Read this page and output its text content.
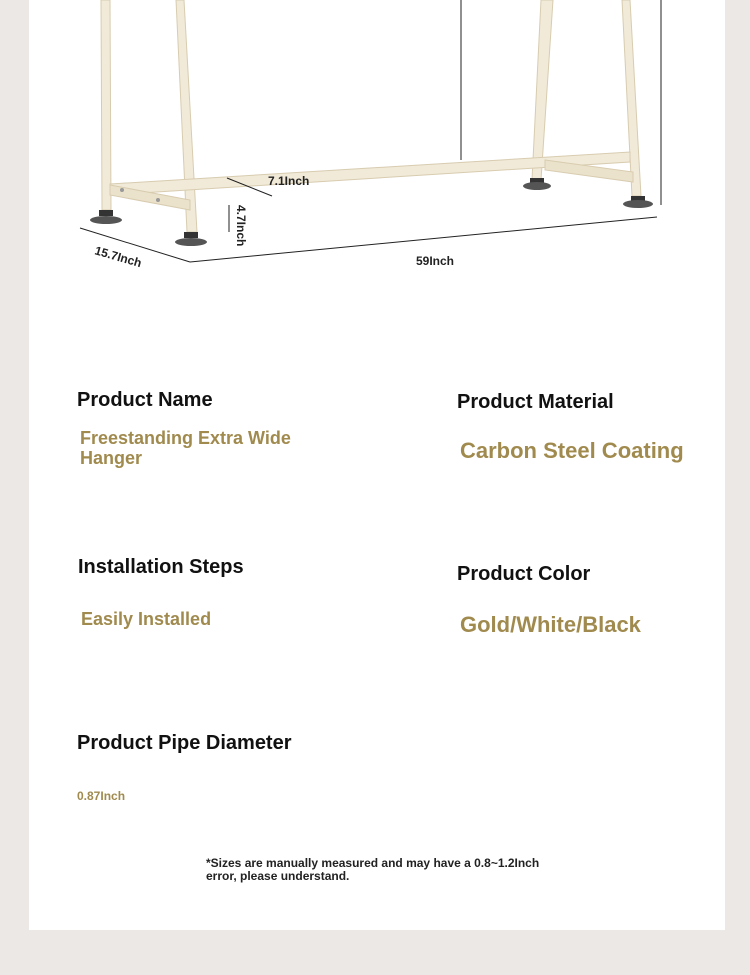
15.7Inch	59Inch
4.7Inch
7.1Inch
Product Name
Freestanding Extra Wide Hanger
Product Material
Carbon Steel Coating
Installation Steps
Easily Installed
Product Color
Gold/White/Black
Product Pipe Diameter
0.87Inch
*Sizes are manually measured and may have a 0.8~1.2Inch error, please understand.
